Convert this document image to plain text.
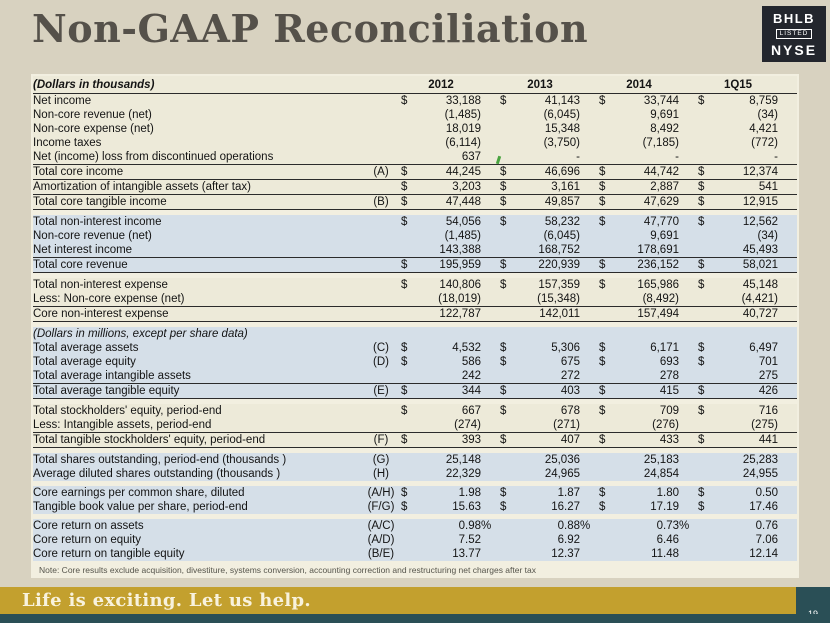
Non-GAAP Reconciliation	BHLB
LISTED
NYSE
(Dollars in thousands)		2012		2013		2014		1Q15	
Net income		$	33,188		$	41,143		$	33,744		$	8,759	
Non-core revenue (net)			(1,485)			(6,045)			9,691			(34)	
Non-core expense (net)			18,019			15,348			8,492			4,421	
Income taxes			(6,114)			(3,750)			(7,185)			(772)	
Net (income) loss from discontinued operations			637			-			-			-	
Total core income	(A)	$	44,245		$	46,696		$	44,742		$	12,374	
Amortization of intangible assets (after tax)		$	3,203		$	3,161		$	2,887		$	541	
Total core tangible income	(B)	$	47,448		$	49,857		$	47,629		$	12,915	
Total non-interest income		$	54,056		$	58,232		$	47,770		$	12,562	
Non-core revenue (net)			(1,485)			(6,045)			9,691			(34)	
Net interest income			143,388			168,752			178,691			45,493	
Total core revenue		$	195,959		$	220,939		$	236,152		$	58,021	
Total non-interest expense		$	140,806		$	157,359		$	165,986		$	45,148	
Less: Non-core expense (net)			(18,019)			(15,348)			(8,492)			(4,421)	
Core non-interest expense			122,787			142,011			157,494			40,727	
(Dollars in millions, except per share data)													
Total average assets	(C)	$	4,532		$	5,306		$	6,171		$	6,497	
Total average equity	(D)	$	586		$	675		$	693		$	701	
Total average intangible assets			242			272			278			275	
Total average tangible equity	(E)	$	344		$	403		$	415		$	426	
Total stockholders' equity, period-end		$	667		$	678		$	709		$	716	
Less: Intangible assets, period-end			(274)			(271)			(276)			(275)	
Total tangible stockholders' equity, period-end	(F)	$	393		$	407		$	433		$	441	
Total shares outstanding, period-end (thousands )	(G)		25,148			25,036			25,183			25,283	
Average diluted shares outstanding (thousands )	(H)		22,329			24,965			24,854			24,955	
Core earnings per common share, diluted	(A/H)	$	1.98		$	1.87		$	1.80		$	0.50	
Tangible book value per share, period-end	(F/G)	$	15.63		$	16.27		$	17.19		$	17.46	
Core return on assets	(A/C)		0.98	%		0.88	%		0.73	%		0.76	
Core return on equity	(A/D)		7.52			6.92			6.46			7.06	
Core return on tangible equity	(B/E)		13.77			12.37			11.48			12.14	
Note: Core results exclude acquisition, divestiture, systems conversion, accounting correction and restructuring net charges after tax
Life is exciting. Let us help.
